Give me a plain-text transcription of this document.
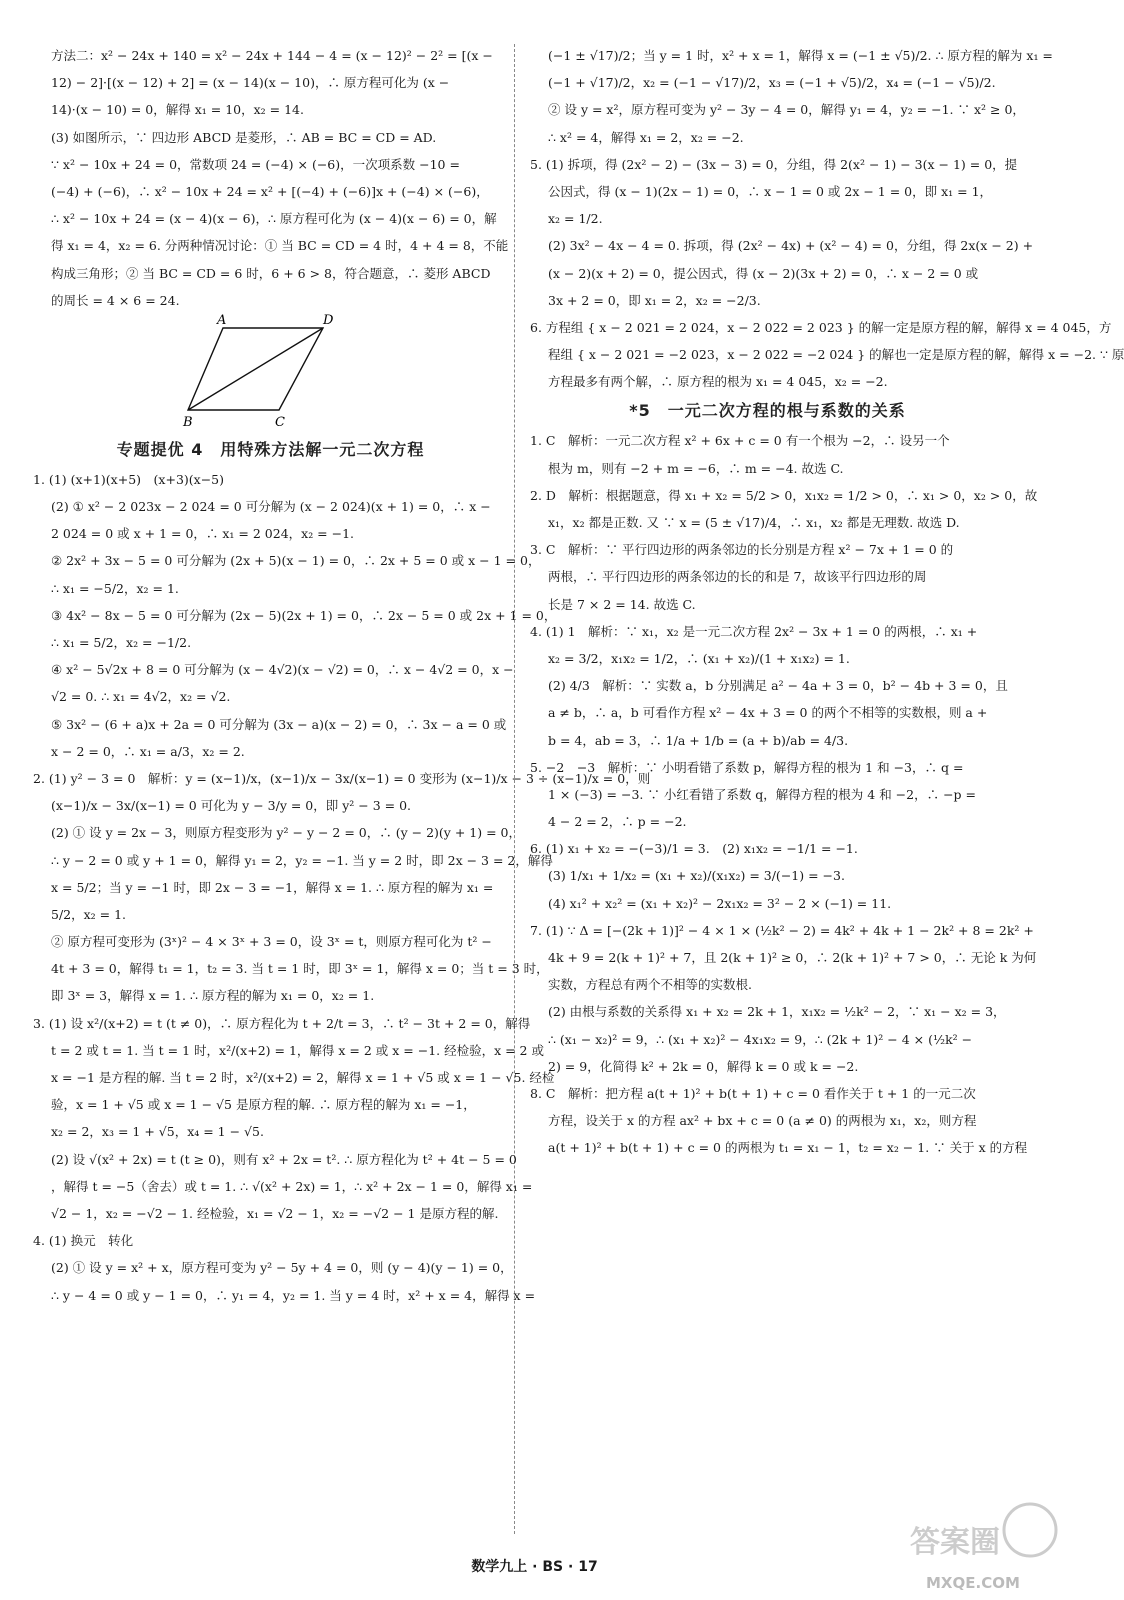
方法二：x² − 24x + 140 = x² − 24x + 144 − 4 = (x − 12)² − 2² = [(x −
12) − 2]·[(x − 12) + 2] = (x − 14)(x − 10)，∴ 原方程可化为 (x −
14)·(x − 10) = 0，解得 x₁ = 10，x₂ = 14.
(3) 如图所示，∵ 四边形 ABCD 是菱形，∴ AB = BC = CD = AD.
∵ x² − 10x + 24 = 0，常数项 24 = (−4) × (−6)，一次项系数 −10 =
(−4) + (−6)，∴ x² − 10x + 24 = x² + [(−4) + (−6)]x + (−4) × (−6)，
∴ x² − 10x + 24 = (x − 4)(x − 6)，∴ 原方程可化为 (x − 4)(x − 6) = 0，解
得 x₁ = 4，x₂ = 6. 分两种情况讨论：① 当 BC = CD = 4 时，4 + 4 = 8，不能
构成三角形；② 当 BC = CD = 6 时，6 + 6 > 8，符合题意，∴ 菱形 ABCD
的周长 = 4 × 6 = 24.
A	D
B	C
专题提优 4　用特殊方法解一元二次方程
1. (1) (x+1)(x+5)　(x+3)(x−5)
(2) ① x² − 2 023x − 2 024 = 0 可分解为 (x − 2 024)(x + 1) = 0，∴ x −
2 024 = 0 或 x + 1 = 0，∴ x₁ = 2 024，x₂ = −1.
② 2x² + 3x − 5 = 0 可分解为 (2x + 5)(x − 1) = 0，∴ 2x + 5 = 0 或 x − 1 = 0，
∴ x₁ = −5/2，x₂ = 1.
③ 4x² − 8x − 5 = 0 可分解为 (2x − 5)(2x + 1) = 0，∴ 2x − 5 = 0 或 2x + 1 = 0，
∴ x₁ = 5/2，x₂ = −1/2.
④ x² − 5√2x + 8 = 0 可分解为 (x − 4√2)(x − √2) = 0，∴ x − 4√2 = 0，x −
√2 = 0. ∴ x₁ = 4√2，x₂ = √2.
⑤ 3x² − (6 + a)x + 2a = 0 可分解为 (3x − a)(x − 2) = 0，∴ 3x − a = 0 或
x − 2 = 0，∴ x₁ = a/3，x₂ = 2.
2. (1) y² − 3 = 0　解析：y = (x−1)/x，(x−1)/x − 3x/(x−1) = 0 变形为 (x−1)/x − 3 ÷ (x−1)/x = 0，则
(x−1)/x − 3x/(x−1) = 0 可化为 y − 3/y = 0，即 y² − 3 = 0.
(2) ① 设 y = 2x − 3，则原方程变形为 y² − y − 2 = 0，∴ (y − 2)(y + 1) = 0，
∴ y − 2 = 0 或 y + 1 = 0，解得 y₁ = 2，y₂ = −1. 当 y = 2 时，即 2x − 3 = 2，解得
x = 5/2；当 y = −1 时，即 2x − 3 = −1，解得 x = 1. ∴ 原方程的解为 x₁ =
5/2，x₂ = 1.
② 原方程可变形为 (3ˣ)² − 4 × 3ˣ + 3 = 0，设 3ˣ = t，则原方程可化为 t² −
4t + 3 = 0，解得 t₁ = 1，t₂ = 3. 当 t = 1 时，即 3ˣ = 1，解得 x = 0；当 t = 3 时，
即 3ˣ = 3，解得 x = 1. ∴ 原方程的解为 x₁ = 0，x₂ = 1.
3. (1) 设 x²/(x+2) = t (t ≠ 0)，∴ 原方程化为 t + 2/t = 3，∴ t² − 3t + 2 = 0，解得
t = 2 或 t = 1. 当 t = 1 时，x²/(x+2) = 1，解得 x = 2 或 x = −1. 经检验，x = 2 或
x = −1 是方程的解. 当 t = 2 时，x²/(x+2) = 2，解得 x = 1 + √5 或 x = 1 − √5. 经检
验，x = 1 + √5 或 x = 1 − √5 是原方程的解. ∴ 原方程的解为 x₁ = −1，
x₂ = 2，x₃ = 1 + √5，x₄ = 1 − √5.
(2) 设 √(x² + 2x) = t (t ≥ 0)，则有 x² + 2x = t². ∴ 原方程化为 t² + 4t − 5 = 0
，解得 t = −5（舍去）或 t = 1. ∴ √(x² + 2x) = 1，∴ x² + 2x − 1 = 0，解得 x₁ =
√2 − 1，x₂ = −√2 − 1. 经检验，x₁ = √2 − 1，x₂ = −√2 − 1 是原方程的解.
4. (1) 换元　转化
(2) ① 设 y = x² + x，原方程可变为 y² − 5y + 4 = 0，则 (y − 4)(y − 1) = 0，
∴ y − 4 = 0 或 y − 1 = 0，∴ y₁ = 4，y₂ = 1. 当 y = 4 时，x² + x = 4，解得 x =
(−1 ± √17)/2；当 y = 1 时，x² + x = 1，解得 x = (−1 ± √5)/2. ∴ 原方程的解为 x₁ =
(−1 + √17)/2，x₂ = (−1 − √17)/2，x₃ = (−1 + √5)/2，x₄ = (−1 − √5)/2.
② 设 y = x²，原方程可变为 y² − 3y − 4 = 0，解得 y₁ = 4，y₂ = −1. ∵ x² ≥ 0，
∴ x² = 4，解得 x₁ = 2，x₂ = −2.
5. (1) 拆项，得 (2x² − 2) − (3x − 3) = 0，分组，得 2(x² − 1) − 3(x − 1) = 0，提
公因式，得 (x − 1)(2x − 1) = 0，∴ x − 1 = 0 或 2x − 1 = 0，即 x₁ = 1，
x₂ = 1/2.
(2) 3x² − 4x − 4 = 0. 拆项，得 (2x² − 4x) + (x² − 4) = 0，分组，得 2x(x − 2) +
(x − 2)(x + 2) = 0，提公因式，得 (x − 2)(3x + 2) = 0，∴ x − 2 = 0 或
3x + 2 = 0，即 x₁ = 2，x₂ = −2/3.
6. 方程组 { x − 2 021 = 2 024，x − 2 022 = 2 023 } 的解一定是原方程的解，解得 x = 4 045，方
程组 { x − 2 021 = −2 023，x − 2 022 = −2 024 } 的解也一定是原方程的解，解得 x = −2. ∵ 原
方程最多有两个解，∴ 原方程的根为 x₁ = 4 045，x₂ = −2.
*5　一元二次方程的根与系数的关系
1. C　解析：一元二次方程 x² + 6x + c = 0 有一个根为 −2，∴ 设另一个
根为 m，则有 −2 + m = −6，∴ m = −4. 故选 C.
2. D　解析：根据题意，得 x₁ + x₂ = 5/2 > 0，x₁x₂ = 1/2 > 0，∴ x₁ > 0，x₂ > 0，故
x₁，x₂ 都是正数. 又 ∵ x = (5 ± √17)/4，∴ x₁，x₂ 都是无理数. 故选 D.
3. C　解析：∵ 平行四边形的两条邻边的长分别是方程 x² − 7x + 1 = 0 的
两根，∴ 平行四边形的两条邻边的长的和是 7，故该平行四边形的周
长是 7 × 2 = 14. 故选 C.
4. (1) 1　解析：∵ x₁，x₂ 是一元二次方程 2x² − 3x + 1 = 0 的两根，∴ x₁ +
x₂ = 3/2，x₁x₂ = 1/2，∴ (x₁ + x₂)/(1 + x₁x₂) = 1.
(2) 4/3　解析：∵ 实数 a，b 分别满足 a² − 4a + 3 = 0，b² − 4b + 3 = 0，且
a ≠ b，∴ a，b 可看作方程 x² − 4x + 3 = 0 的两个不相等的实数根，则 a +
b = 4，ab = 3，∴ 1/a + 1/b = (a + b)/ab = 4/3.
5. −2　−3　解析：∵ 小明看错了系数 p，解得方程的根为 1 和 −3，∴ q =
1 × (−3) = −3. ∵ 小红看错了系数 q，解得方程的根为 4 和 −2，∴ −p =
4 − 2 = 2，∴ p = −2.
6. (1) x₁ + x₂ = −(−3)/1 = 3.　(2) x₁x₂ = −1/1 = −1.
(3) 1/x₁ + 1/x₂ = (x₁ + x₂)/(x₁x₂) = 3/(−1) = −3.
(4) x₁² + x₂² = (x₁ + x₂)² − 2x₁x₂ = 3² − 2 × (−1) = 11.
7. (1) ∵ Δ = [−(2k + 1)]² − 4 × 1 × (½k² − 2) = 4k² + 4k + 1 − 2k² + 8 = 2k² +
4k + 9 = 2(k + 1)² + 7，且 2(k + 1)² ≥ 0，∴ 2(k + 1)² + 7 > 0，∴ 无论 k 为何
实数，方程总有两个不相等的实数根.
(2) 由根与系数的关系得 x₁ + x₂ = 2k + 1，x₁x₂ = ½k² − 2，∵ x₁ − x₂ = 3，
∴ (x₁ − x₂)² = 9，∴ (x₁ + x₂)² − 4x₁x₂ = 9，∴ (2k + 1)² − 4 × (½k² −
2) = 9，化简得 k² + 2k = 0，解得 k = 0 或 k = −2.
8. C　解析：把方程 a(t + 1)² + b(t + 1) + c = 0 看作关于 t + 1 的一元二次
方程，设关于 x 的方程 ax² + bx + c = 0 (a ≠ 0) 的两根为 x₁，x₂，则方程
a(t + 1)² + b(t + 1) + c = 0 的两根为 t₁ = x₁ − 1，t₂ = x₂ − 1. ∵ 关于 x 的方程
数学九上 · BS · 17
答案圈
MXQE.COM
